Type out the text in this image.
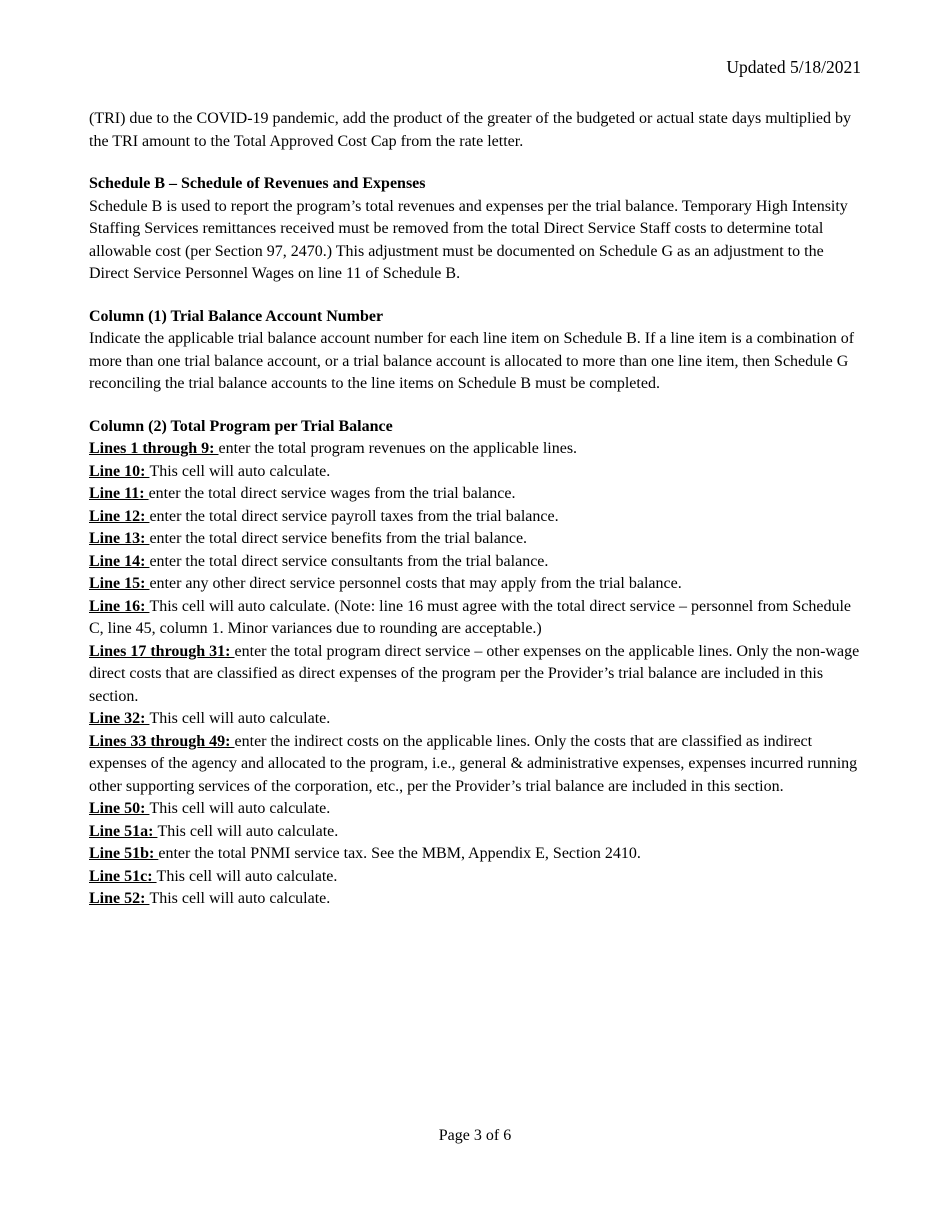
Updated 5/18/2021

(TRI) due to the COVID-19 pandemic, add the product of the greater of the budgeted or actual state days multiplied by the TRI amount to the Total Approved Cost Cap from the rate letter.

Schedule B – Schedule of Revenues and Expenses

Schedule B is used to report the program’s total revenues and expenses per the trial balance. Temporary High Intensity Staffing Services remittances received must be removed from the total Direct Service Staff costs to determine total allowable cost (per Section 97, 2470.) This adjustment must be documented on Schedule G as an adjustment to the Direct Service Personnel Wages on line 11 of Schedule B.

Column (1) Trial Balance Account Number

Indicate the applicable trial balance account number for each line item on Schedule B. If a line item is a combination of more than one trial balance account, or a trial balance account is allocated to more than one line item, then Schedule G reconciling the trial balance accounts to the line items on Schedule B must be completed.

Column (2) Total Program per Trial Balance

Lines 1 through 9: enter the total program revenues on the applicable lines.

Line 10: This cell will auto calculate.

Line 11: enter the total direct service wages from the trial balance.

Line 12: enter the total direct service payroll taxes from the trial balance.

Line 13: enter the total direct service benefits from the trial balance.

Line 14: enter the total direct service consultants from the trial balance.

Line 15: enter any other direct service personnel costs that may apply from the trial balance.

Line 16: This cell will auto calculate. (Note: line 16 must agree with the total direct service – personnel from Schedule C, line 45, column 1. Minor variances due to rounding are acceptable.)

Lines 17 through 31: enter the total program direct service – other expenses on the applicable lines. Only the non-wage direct costs that are classified as direct expenses of the program per the Provider’s trial balance are included in this section.

Line 32: This cell will auto calculate.

Lines 33 through 49: enter the indirect costs on the applicable lines. Only the costs that are classified as indirect expenses of the agency and allocated to the program, i.e., general & administrative expenses, expenses incurred running other supporting services of the corporation, etc., per the Provider’s trial balance are included in this section.

Line 50: This cell will auto calculate.

Line 51a: This cell will auto calculate.

Line 51b: enter the total PNMI service tax. See the MBM, Appendix E, Section 2410.

Line 51c: This cell will auto calculate.

Line 52: This cell will auto calculate.

Page 3 of 6
